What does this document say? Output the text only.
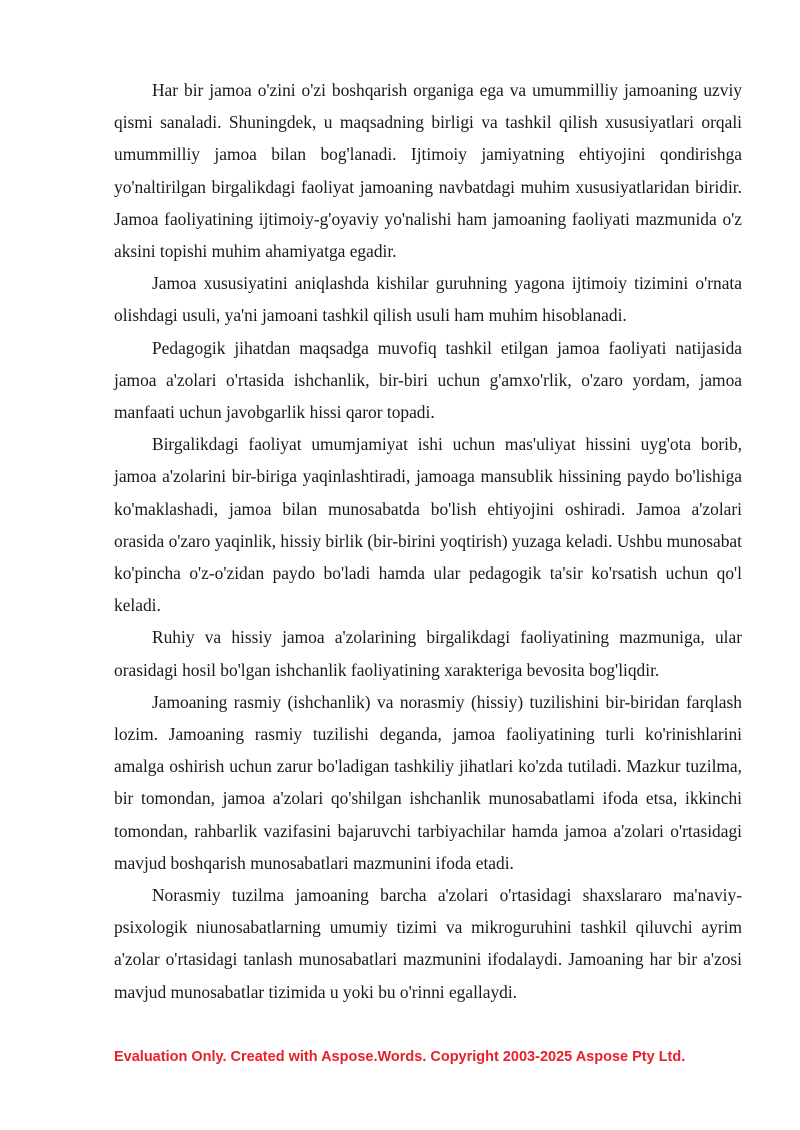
Har bir jamoa o'zini o'zi boshqarish organiga ega va umummilliy jamoaning uzviy qismi sanaladi. Shuningdek, u maqsadning birligi va tashkil qilish xususiyatlari orqali umummilliy jamoa bilan bog'lanadi. Ijtimoiy jamiyatning ehtiyojini qondirishga yo'naltirilgan birgalikdagi faoliyat jamoaning navbatdagi muhim xususiyatlaridan biridir. Jamoa faoliyatining ijtimoiy-g'oyaviy yo'nalishi ham jamoaning faoliyati mazmunida o'z aksini topishi muhim ahamiyatga egadir.

Jamoa xususiyatini aniqlashda kishilar guruhning yagona ijtimoiy tizimini o'rnata olishdagi usuli, ya'ni jamoani tashkil qilish usuli ham muhim hisoblanadi.

Pedagogik jihatdan maqsadga muvofiq tashkil etilgan jamoa faoliyati natijasida jamoa a'zolari o'rtasida ishchanlik, bir-biri uchun g'amxo'rlik, o'zaro yordam, jamoa manfaati uchun javobgarlik hissi qaror topadi.

Birgalikdagi faoliyat umumjamiyat ishi uchun mas'uliyat hissini uyg'ota borib, jamoa a'zolarini bir-biriga yaqinlashtiradi, jamoaga mansublik hissining paydo bo'lishiga ko'maklashadi, jamoa bilan munosabatda bo'lish ehtiyojini oshiradi. Jamoa a'zolari orasida o'zaro yaqinlik, hissiy birlik (bir-birini yoqtirish) yuzaga keladi. Ushbu munosabat ko'pincha o'z-o'zidan paydo bo'ladi hamda ular pedagogik ta'sir ko'rsatish uchun qo'l keladi.

Ruhiy va hissiy jamoa a'zolarining birgalikdagi faoliyatining mazmuniga, ular orasidagi hosil bo'lgan ishchanlik faoliyatining xarakteriga bevosita bog'liqdir.

Jamoaning rasmiy (ishchanlik) va norasmiy (hissiy) tuzilishini bir-biridan farqlash lozim. Jamoaning rasmiy tuzilishi deganda, jamoa faoliyatining turli ko'rinishlarini amalga oshirish uchun zarur bo'ladigan tashkiliy jihatlari ko'zda tutiladi. Mazkur tuzilma, bir tomondan, jamoa a'zolari qo'shilgan ishchanlik munosabatlami ifoda etsa, ikkinchi tomondan, rahbarlik vazifasini bajaruvchi tarbiyachilar hamda jamoa a'zolari o'rtasidagi mavjud boshqarish munosabatlari mazmunini ifoda etadi.

Norasmiy tuzilma jamoaning barcha a'zolari o'rtasidagi shaxslararo ma'naviy-psixologik niunosabatlarning umumiy tizimi va mikroguruhini tashkil qiluvchi ayrim a'zolar o'rtasidagi tanlash munosabatlari mazmunini ifodalaydi. Jamoaning har bir a'zosi mavjud munosabatlar tizimida u yoki bu o'rinni egallaydi.

Evaluation Only. Created with Aspose.Words. Copyright 2003-2025 Aspose Pty Ltd.
